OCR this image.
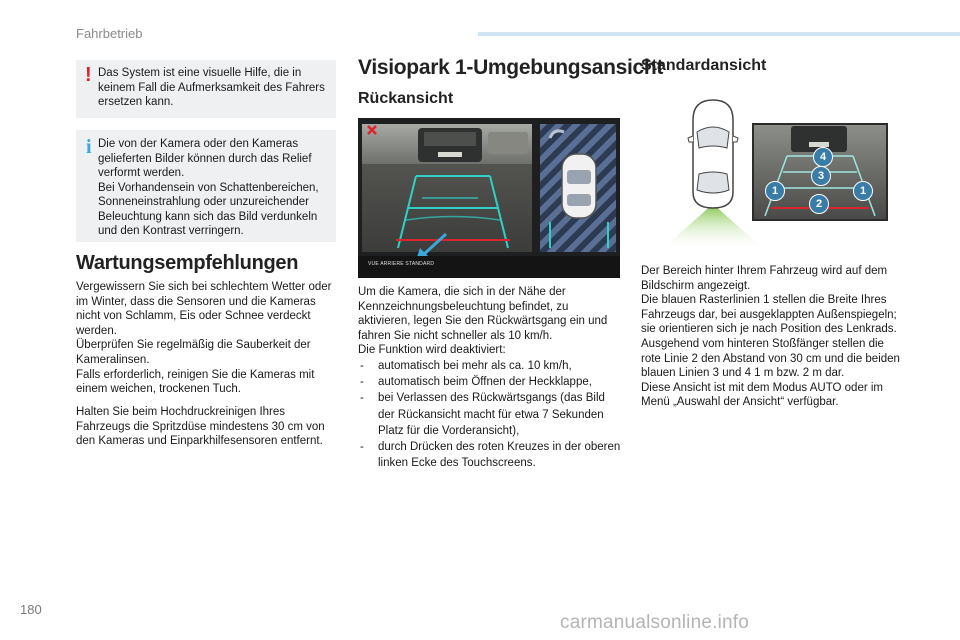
Fahrbetrieb
! Das System ist eine visuelle Hilfe, die in keinem Fall die Aufmerksamkeit des Fahrers ersetzen kann.
i Die von der Kamera oder den Kameras gelieferten Bilder können durch das Relief verformt werden.
Bei Vorhandensein von Schattenbereichen, Sonneneinstrahlung oder unzureichender Beleuchtung kann sich das Bild verdunkeln und den Kontrast verringern.
Wartungsempfehlungen
Vergewissern Sie sich bei schlechtem Wetter oder im Winter, dass die Sensoren und die Kameras nicht von Schlamm, Eis oder Schnee verdeckt werden.
Überprüfen Sie regelmäßig die Sauberkeit der Kameralinsen.
Falls erforderlich, reinigen Sie die Kameras mit einem weichen, trockenen Tuch.
Halten Sie beim Hochdruckreinigen Ihres Fahrzeugs die Spritzdüse mindestens 30 cm von den Kameras und Einparkhilfesensoren entfernt.
Visiopark 1-Umgebungsansicht
Rückansicht
VUE ARRIERE STANDARD
Um die Kamera, die sich in der Nähe der Kennzeichnungsbeleuchtung befindet, zu aktivieren, legen Sie den Rückwärtsgang ein und fahren Sie nicht schneller als 10 km/h.
Die Funktion wird deaktiviert:
- automatisch bei mehr als ca. 10 km/h,
- automatisch beim Öffnen der Heckklappe,
- bei Verlassen des Rückwärtsgangs (das Bild der Rückansicht macht für etwa 7 Sekunden Platz für die Vorderansicht),
- durch Drücken des roten Kreuzes in der oberen linken Ecke des Touchscreens.
Standardansicht
4
3
1	1
2
Der Bereich hinter Ihrem Fahrzeug wird auf dem Bildschirm angezeigt.
Die blauen Rasterlinien 1 stellen die Breite Ihres Fahrzeugs dar, bei ausgeklappten Außenspiegeln; sie orientieren sich je nach Position des Lenkrads.
Ausgehend vom hinteren Stoßfänger stellen die rote Linie 2 den Abstand von 30 cm und die beiden blauen Linien 3 und 4 1 m bzw. 2 m dar.
Diese Ansicht ist mit dem Modus AUTO oder im Menü „Auswahl der Ansicht“ verfügbar.
180
carmanualsonline.info
